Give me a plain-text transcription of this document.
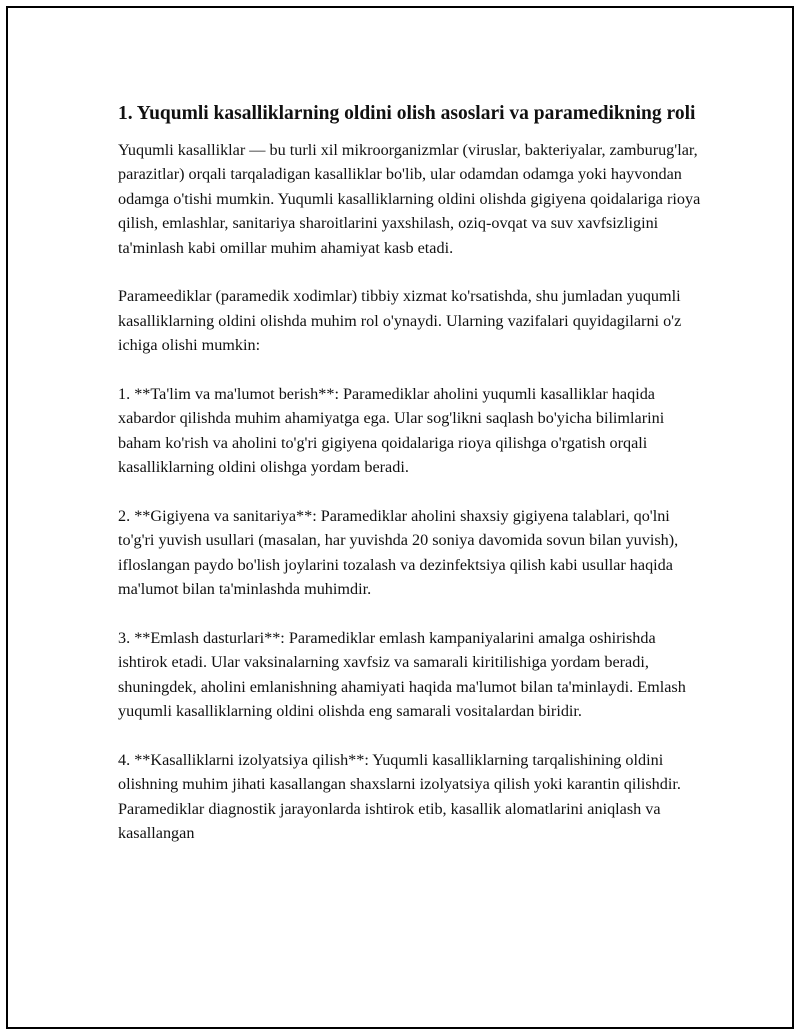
1. Yuqumli kasalliklarning oldini olish asoslari va paramedikning roli

Yuqumli kasalliklar — bu turli xil mikroorganizmlar (viruslar, bakteriyalar, zamburug'lar, parazitlar) orqali tarqaladigan kasalliklar bo'lib, ular odamdan odamga yoki hayvondan odamga o'tishi mumkin. Yuqumli kasalliklarning oldini olishda gigiyena qoidalariga rioya qilish, emlashlar, sanitariya sharoitlarini yaxshilash, oziq-ovqat va suv xavfsizligini ta'minlash kabi omillar muhim ahamiyat kasb etadi.

Parameediklar (paramedik xodimlar) tibbiy xizmat ko'rsatishda, shu jumladan yuqumli kasalliklarning oldini olishda muhim rol o'ynaydi. Ularning vazifalari quyidagilarni o'z ichiga olishi mumkin:

1. **Ta'lim va ma'lumot berish**: Paramediklar aholini yuqumli kasalliklar haqida xabardor qilishda muhim ahamiyatga ega. Ular sog'likni saqlash bo'yicha bilimlarini baham ko'rish va aholini to'g'ri gigiyena qoidalariga rioya qilishga o'rgatish orqali kasalliklarning oldini olishga yordam beradi.

2. **Gigiyena va sanitariya**: Paramediklar aholini shaxsiy gigiyena talablari, qo'lni to'g'ri yuvish usullari (masalan, har yuvishda 20 soniya davomida sovun bilan yuvish), ifloslangan paydo bo'lish joylarini tozalash va dezinfektsiya qilish kabi usullar haqida ma'lumot bilan ta'minlashda muhimdir.

3. **Emlash dasturlari**: Paramediklar emlash kampaniyalarini amalga oshirishda ishtirok etadi. Ular vaksinalarning xavfsiz va samarali kiritilishiga yordam beradi, shuningdek, aholini emlanishning ahamiyati haqida ma'lumot bilan ta'minlaydi. Emlash yuqumli kasalliklarning oldini olishda eng samarali vositalardan biridir.

4. **Kasalliklarni izolyatsiya qilish**: Yuqumli kasalliklarning tarqalishining oldini olishning muhim jihati kasallangan shaxslarni izolyatsiya qilish yoki karantin qilishdir. Paramediklar diagnostik jarayonlarda ishtirok etib, kasallik alomatlarini aniqlash va kasallangan
